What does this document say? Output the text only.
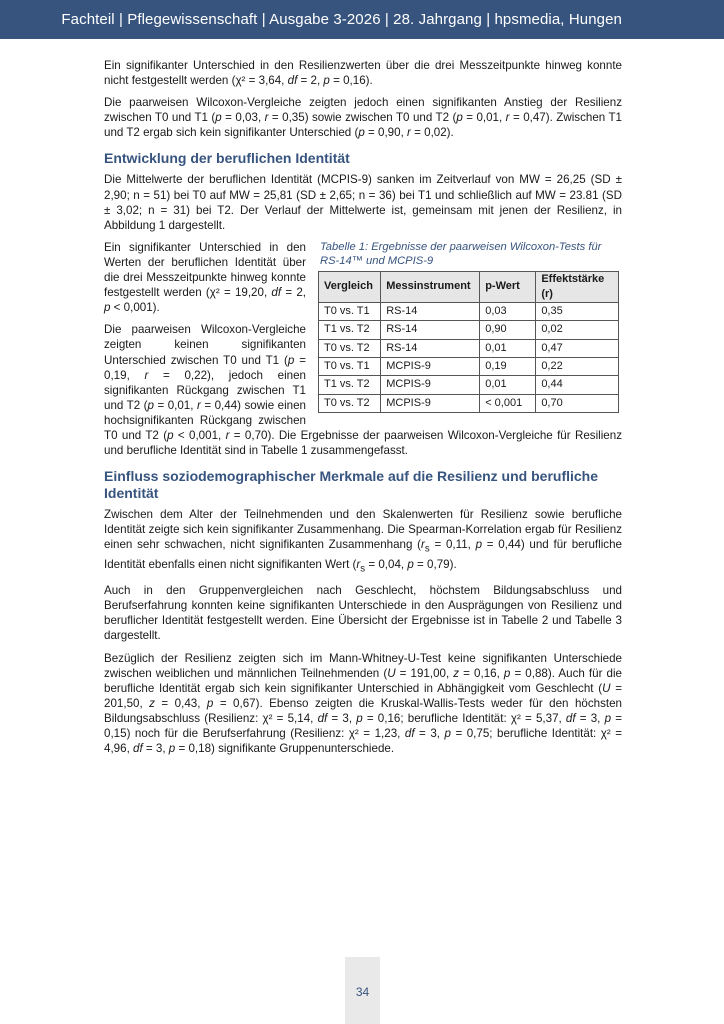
Fachteil | Pflegewissenschaft | Ausgabe 3-2026 | 28. Jahrgang | hpsmedia, Hungen

Ein signifikanter Unterschied in den Resilienzwerten über die drei Messzeitpunkte hinweg konnte nicht festgestellt werden (χ² = 3,64, df = 2, p = 0,16).

Die paarweisen Wilcoxon-Vergleiche zeigten jedoch einen signifikanten Anstieg der Resilienz zwischen T0 und T1 (p = 0,03, r = 0,35) sowie zwischen T0 und T2 (p = 0,01, r = 0,47). Zwischen T1 und T2 ergab sich kein signifikanter Unterschied (p = 0,90, r = 0,02).

Entwicklung der beruflichen Identität

Die Mittelwerte der beruflichen Identität (MCPIS-9) sanken im Zeitverlauf von MW = 26,25 (SD ± 2,90; n = 51) bei T0 auf MW = 25,81 (SD ± 2,65; n = 36) bei T1 und schließlich auf MW = 23.81 (SD ± 3,02; n = 31) bei T2. Der Verlauf der Mittelwerte ist, gemeinsam mit jenen der Resilienz, in Abbildung 1 dargestellt.

Tabelle 1: Ergebnisse der paarweisen Wilcoxon-Tests für RS-14™ und MCPIS-9
Vergleich	Messinstrument	p-Wert	Effektstärke (r)
T0 vs. T1	RS-14	0,03	0,35
T1 vs. T2	RS-14	0,90	0,02
T0 vs. T2	RS-14	0,01	0,47
T0 vs. T1	MCPIS-9	0,19	0,22
T1 vs. T2	MCPIS-9	0,01	0,44
T0 vs. T2	MCPIS-9	< 0,001	0,70

Ein signifikanter Unterschied in den Werten der beruflichen Identität über die drei Messzeitpunkte hinweg konnte festgestellt werden (χ² = 19,20, df = 2, p < 0,001).

Die paarweisen Wilcoxon-Vergleiche zeigten keinen signifikanten Unterschied zwischen T0 und T1 (p = 0,19, r = 0,22), jedoch einen signifikanten Rückgang zwischen T1 und T2 (p = 0,01, r = 0,44) sowie einen hochsignifikanten Rückgang zwischen T0 und T2 (p < 0,001, r = 0,70). Die Ergebnisse der paarweisen Wilcoxon-Vergleiche für Resilienz und berufliche Identität sind in Tabelle 1 zusammengefasst.

Einfluss soziodemographischer Merkmale auf die Resilienz und berufliche Identität

Zwischen dem Alter der Teilnehmenden und den Skalenwerten für Resilienz sowie berufliche Identität zeigte sich kein signifikanter Zusammenhang. Die Spearman-Korrelation ergab für Resilienz einen sehr schwachen, nicht signifikanten Zusammenhang ($r_s = 0,11$, p = 0,44) und für berufliche Identität ebenfalls einen nicht signifikanten Wert ($r_s = 0,04$, p = 0,79).

Auch in den Gruppenvergleichen nach Geschlecht, höchstem Bildungsabschluss und Berufserfahrung konnten keine signifikanten Unterschiede in den Ausprägungen von Resilienz und beruflicher Identität festgestellt werden. Eine Übersicht der Ergebnisse ist in Tabelle 2 und Tabelle 3 dargestellt.

Bezüglich der Resilienz zeigten sich im Mann-Whitney-U-Test keine signifikanten Unterschiede zwischen weiblichen und männlichen Teilnehmenden (U = 191,00, z = 0,16, p = 0,88). Auch für die berufliche Identität ergab sich kein signifikanter Unterschied in Abhängigkeit vom Geschlecht (U = 201,50, z = 0,43, p = 0,67). Ebenso zeigten die Kruskal-Wallis-Tests weder für den höchsten Bildungsabschluss (Resilienz: χ² = 5,14, df = 3, p = 0,16; berufliche Identität: χ² = 5,37, df = 3, p = 0,15) noch für die Berufserfahrung (Resilienz: χ² = 1,23, df = 3, p = 0,75; berufliche Identität: χ² = 4,96, df = 3, p = 0,18) signifikante Gruppenunterschiede.

34
